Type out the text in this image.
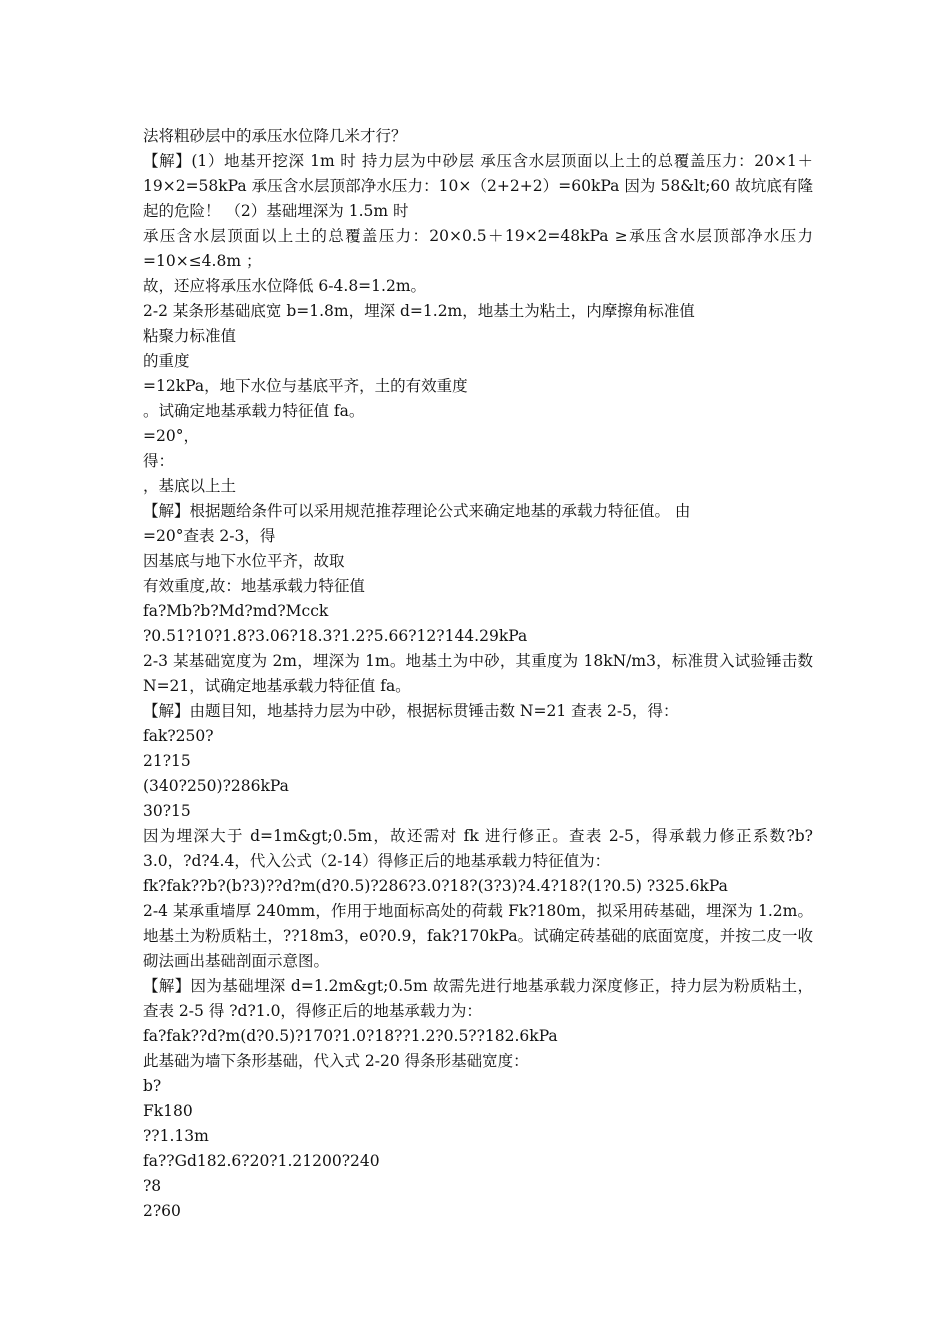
法将粗砂层中的承压水位降几米才行？
【解】(1）地基开挖深 1m 时 持力层为中砂层 承压含水层顶面以上土的总覆盖压力：20×1＋19×2=58kPa 承压含水层顶部净水压力：10×（2+2+2）=60kPa 因为 58&lt;60 故坑底有隆起的危险！ （2）基础埋深为 1.5m 时
承压含水层顶面以上土的总覆盖压力：20×0.5＋19×2=48kPa ≥承压含水层顶部净水压力=10×≤4.8m ；
故，还应将承压水位降低 6-4.8=1.2m。
2-2 某条形基础底宽 b=1.8m，埋深 d=1.2m，地基土为粘土，内摩擦角标准值
粘聚力标准值
的重度
=12kPa，地下水位与基底平齐，土的有效重度
。试确定地基承载力特征值 fa。
=20°，
得：
，基底以上土
【解】根据题给条件可以采用规范推荐理论公式来确定地基的承载力特征值。 由
=20°查表 2-3，得
因基底与地下水位平齐，故取
有效重度,故：地基承载力特征值
fa?Mb?b?Md?md?Mcck
?0.51?10?1.8?3.06?18.3?1.2?5.66?12?144.29kPa
2-3 某基础宽度为 2m，埋深为 1m。地基土为中砂，其重度为 18kN/m3，标准贯入试验锤击数 N=21，试确定地基承载力特征值 fa。
【解】由题目知，地基持力层为中砂，根据标贯锤击数 N=21 查表 2-5，得：
fak?250?
21?15
(340?250)?286kPa
30?15
因为埋深大于 d=1m&gt;0.5m，故还需对 fk 进行修正。查表 2-5，得承载力修正系数?b?3.0，?d?4.4，代入公式（2-14）得修正后的地基承载力特征值为：
fk?fak??b?(b?3)??d?m(d?0.5)?286?3.0?18?(3?3)?4.4?18?(1?0.5) ?325.6kPa
2-4 某承重墙厚 240mm，作用于地面标高处的荷载 Fk?180m，拟采用砖基础，埋深为 1.2m。地基土为粉质粘土，??18m3，e0?0.9，fak?170kPa。试确定砖基础的底面宽度，并按二皮一收砌法画出基础剖面示意图。
【解】因为基础埋深 d=1.2m&gt;0.5m 故需先进行地基承载力深度修正，持力层为粉质粘土，查表 2-5 得 ?d?1.0，得修正后的地基承载力为：
fa?fak??d?m(d?0.5)?170?1.0?18??1.2?0.5??182.6kPa
此基础为墙下条形基础，代入式 2-20 得条形基础宽度：
b?
Fk180
??1.13m
fa??Gd182.6?20?1.21200?240
?8
2?60
